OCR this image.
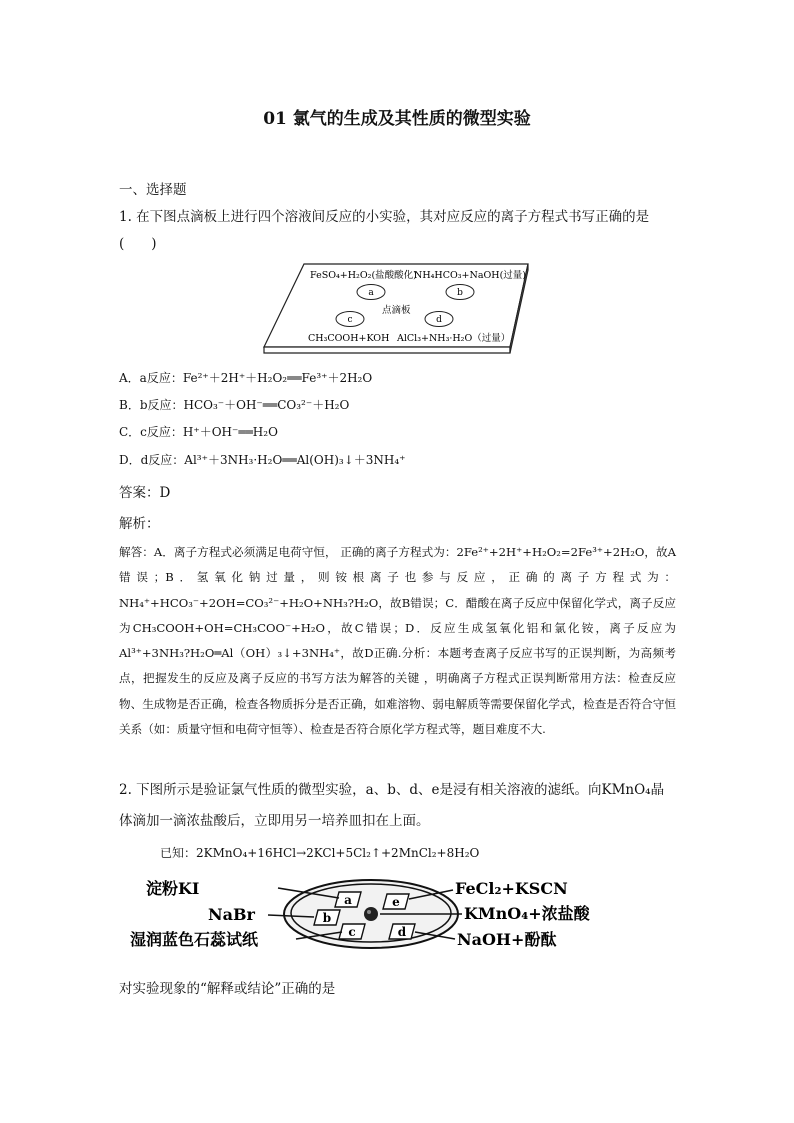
01 氯气的生成及其性质的微型实验
一、选择题
1. 在下图点滴板上进行四个溶液间反应的小实验，其对应反应的离子方程式书写正确的是
(　　)
FeSO₄+H₂O₂(盐酸酸化)
NH₄HCO₃+NaOH(过量)
a	b
点滴板
c	d
CH₃COOH+KOH AlCl₃+NH₃·H₂O（过量）
A．a反应：Fe²⁺＋2H⁺＋H₂O₂══Fe³⁺＋2H₂O
B．b反应：HCO₃⁻＋OH⁻══CO₃²⁻＋H₂O
C．c反应：H⁺＋OH⁻══H₂O
D．d反应：Al³⁺＋3NH₃·H₂O══Al(OH)₃↓＋3NH₄⁺
答案：D
解析：
解答：A．离子方程式必须满足电荷守恒， 正确的离子方程式为：2Fe²⁺+2H⁺+H₂O₂=2Fe³⁺+2H₂O，故A错误；B．氢氧化钠过量，则铵根离子也参与反应，正确的离子方程式为：NH₄⁺+HCO₃⁻+2OH=CO₃²⁻+H₂O+NH₃?H₂O，故B错误；C．醋酸在离子反应中保留化学式，离子反应为CH₃COOH+OH=CH₃COO⁻+H₂O，故C错误；D．反应生成氢氧化铝和氯化铵，离子反应为Al³⁺+3NH₃?H₂O═Al（OH）₃↓+3NH₄⁺，故D正确.分析：本题考查离子反应书写的正误判断，为高频考点，把握发生的反应及离子反应的书写方法为解答的关键 ，明确离子方程式正误判断常用方法：检查反应物、生成物是否正确，检查各物质拆分是否正确，如难溶物、弱电解质等需要保留化学式，检查是否符合守恒关系（如：质量守恒和电荷守恒等）、检查是否符合原化学方程式等，题目难度不大.
2. 下图所示是验证氯气性质的微型实验，a、b、d、e是浸有相关溶液的滤纸。向KMnO₄晶
体滴加一滴浓盐酸后，立即用另一培养皿扣在上面。
已知：2KMnO₄+16HCl→2KCl+5Cl₂↑+2MnCl₂+8H₂O
a
b
c	d
e
淀粉KI
NaBr
湿润蓝色石蕊试纸
FeCl₂+KSCN
KMnO₄+浓盐酸
NaOH+酚酞
对实验现象的“解释或结论”正确的是
